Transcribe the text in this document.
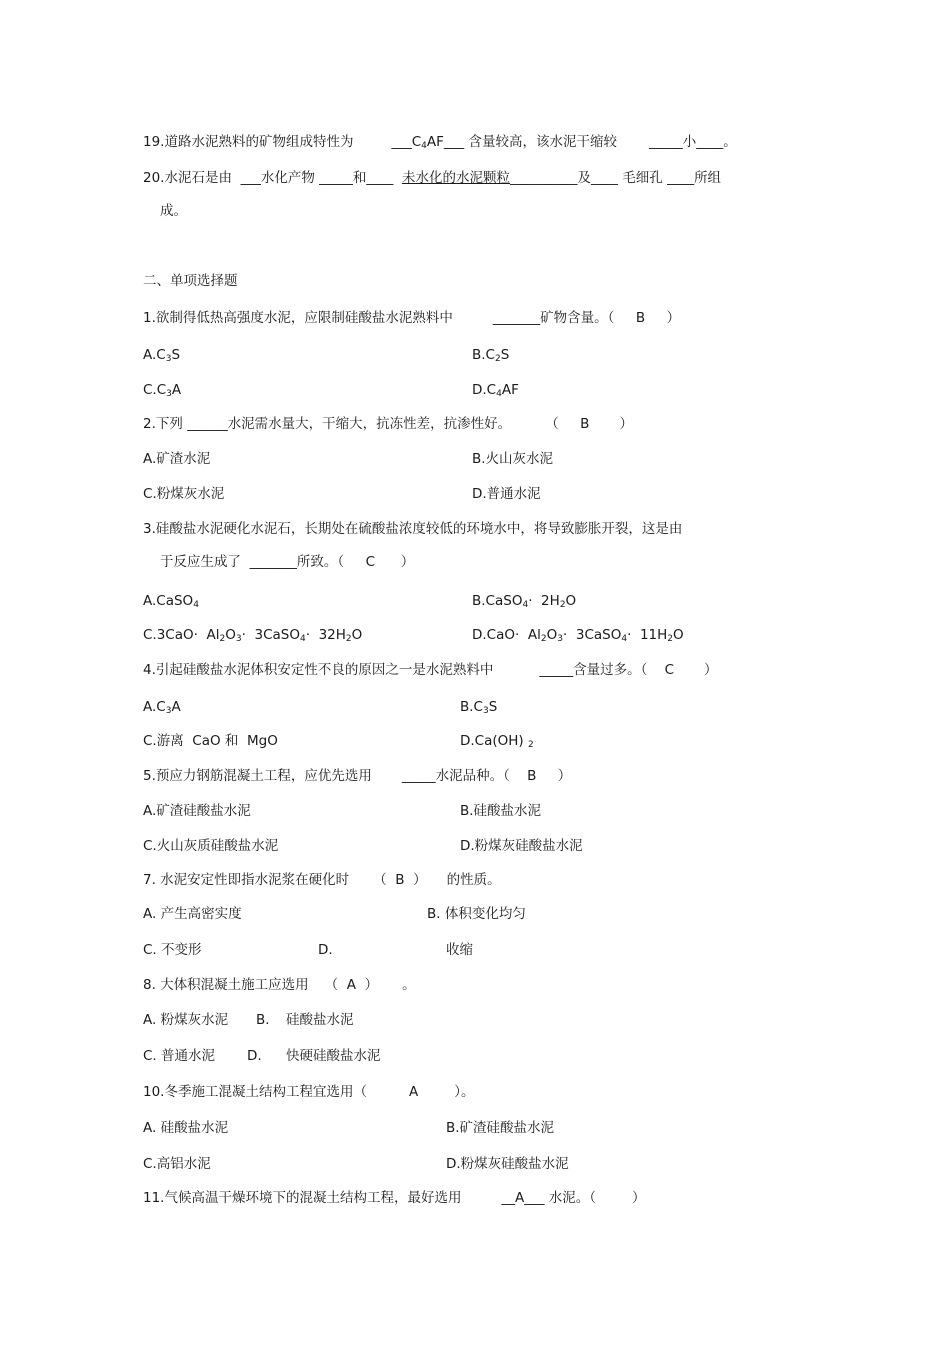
19.道路水泥熟料的矿物组成特性为	$\_\_\_C_4AF\_\_\_$ 含量较高，该水泥干缩较 _____小____。
20.水泥石是由 ___水化产物 _____和____ 未水化的水泥颗粒__________及____ 毛细孔 ____所组
成。
二、单项选择题
1.欲制得低热高强度水泥，应限制硅酸盐水泥熟料中	_______矿物含量。（ B ）
$A.C_3S$	$B.C_2S$
$C.C_3A$	$D.C_4AF$
2.下列 ______水泥需水量大，干缩大，抗冻性差，抗渗性好。	（ B ）
A.矿渣水泥	B.火山灰水泥
C.粉煤灰水泥	D.普通水泥
3.硅酸盐水泥硬化水泥石，长期处在硫酸盐浓度较低的环境水中，将导致膨胀开裂，这是由
于反应生成了 _______所致。（ C ）
A.CaSO$_4$	B.CaSO$_4$·  $2H_2O$
$C.3CaO\cdot Al_2O_3\cdot$  3CaSO$_4$·  $32H_2O$	$D.CaO\cdot Al_2O_3\cdot$  3CaSO$_4$·  $11H_2O$
4.引起硅酸盐水泥体积安定性不良的原因之一是水泥熟料中	_____含量过多。（ C ）
$A.C_3A$	$B.C_3S$
C.游离  CaO 和  MgO	D.Ca(OH) $_2$
5.预应力钢筋混凝土工程，应优先选用 _____水泥品种。（ B ）
A.矿渣硅酸盐水泥	B.硅酸盐水泥
C.火山灰质硅酸盐水泥	D.粉煤灰硅酸盐水泥
7. 水泥安定性即指水泥浆在硬化时 （  B  ） 的性质。
A. 产生高密实度	B. 体积变化均匀
C. 不变形	D.	收缩
8. 大体积混凝土施工应选用 （  A  ） 。
A. 粉煤灰水泥 B. 硅酸盐水泥
C. 普通水泥 D. 快硬硅酸盐水泥
10.冬季施工混凝土结构工程宜选用（	A	）。
A. 硅酸盐水泥	B.矿渣硅酸盐水泥
C.高铝水泥	D.粉煤灰硅酸盐水泥
11.气候高温干燥环境下的混凝土结构工程，最好选用	__A___ 水泥。（	）
